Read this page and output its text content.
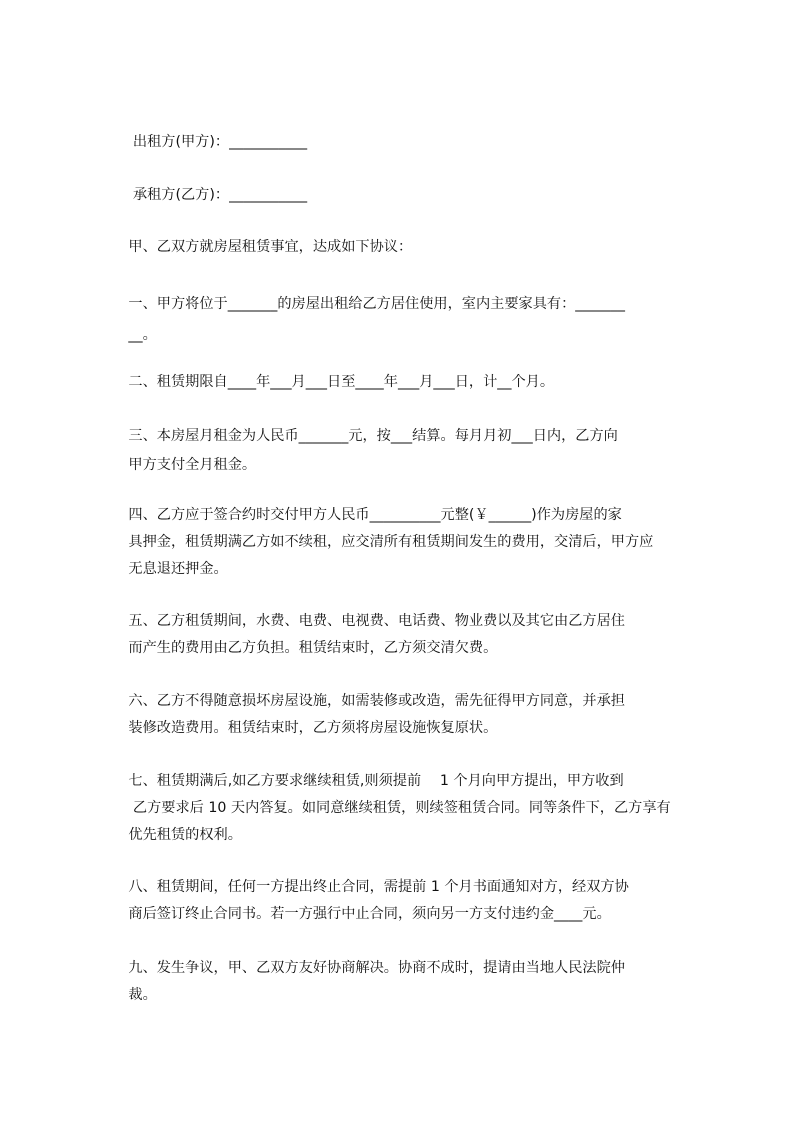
　　 出租方(甲方)：___________
　　 承租方(乙方)：___________
　　甲、乙双方就房屋租赁事宜，达成如下协议：
　　一、甲方将位于_______的房屋出租给乙方居住使用，室内主要家具有：_______
　　__。
　　二、租赁期限自____年___月___日至____年___月___日，计__个月。
　　三、本房屋月租金为人民币_______元，按___结算。每月月初___日内，乙方向
　　甲方支付全月租金。
　　四、乙方应于签合约时交付甲方人民币__________元整(￥______)作为房屋的家
　　具押金，租赁期满乙方如不续租，应交清所有租赁期间发生的费用，交清后，甲方应
　　无息退还押金。
　　五、乙方租赁期间，水费、电费、电视费、电话费、物业费以及其它由乙方居住
　　而产生的费用由乙方负担。租赁结束时，乙方须交清欠费。
　　六、乙方不得随意损坏房屋设施，如需装修或改造，需先征得甲方同意，并承担
　　装修改造费用。租赁结束时，乙方须将房屋设施恢复原状。
　　七、租赁期满后,如乙方要求继续租赁,则须提前　 1 个月向甲方提出，甲方收到
　　 乙方要求后 10 天内答复。如同意继续租赁，则续签租赁合同。同等条件下，乙方享有
　　优先租赁的权利。
　　八、租赁期间，任何一方提出终止合同，需提前 1 个月书面通知对方，经双方协
　　商后签订终止合同书。若一方强行中止合同，须向另一方支付违约金____元。
　　九、发生争议，甲、乙双方友好协商解决。协商不成时，提请由当地人民法院仲
　　裁。
